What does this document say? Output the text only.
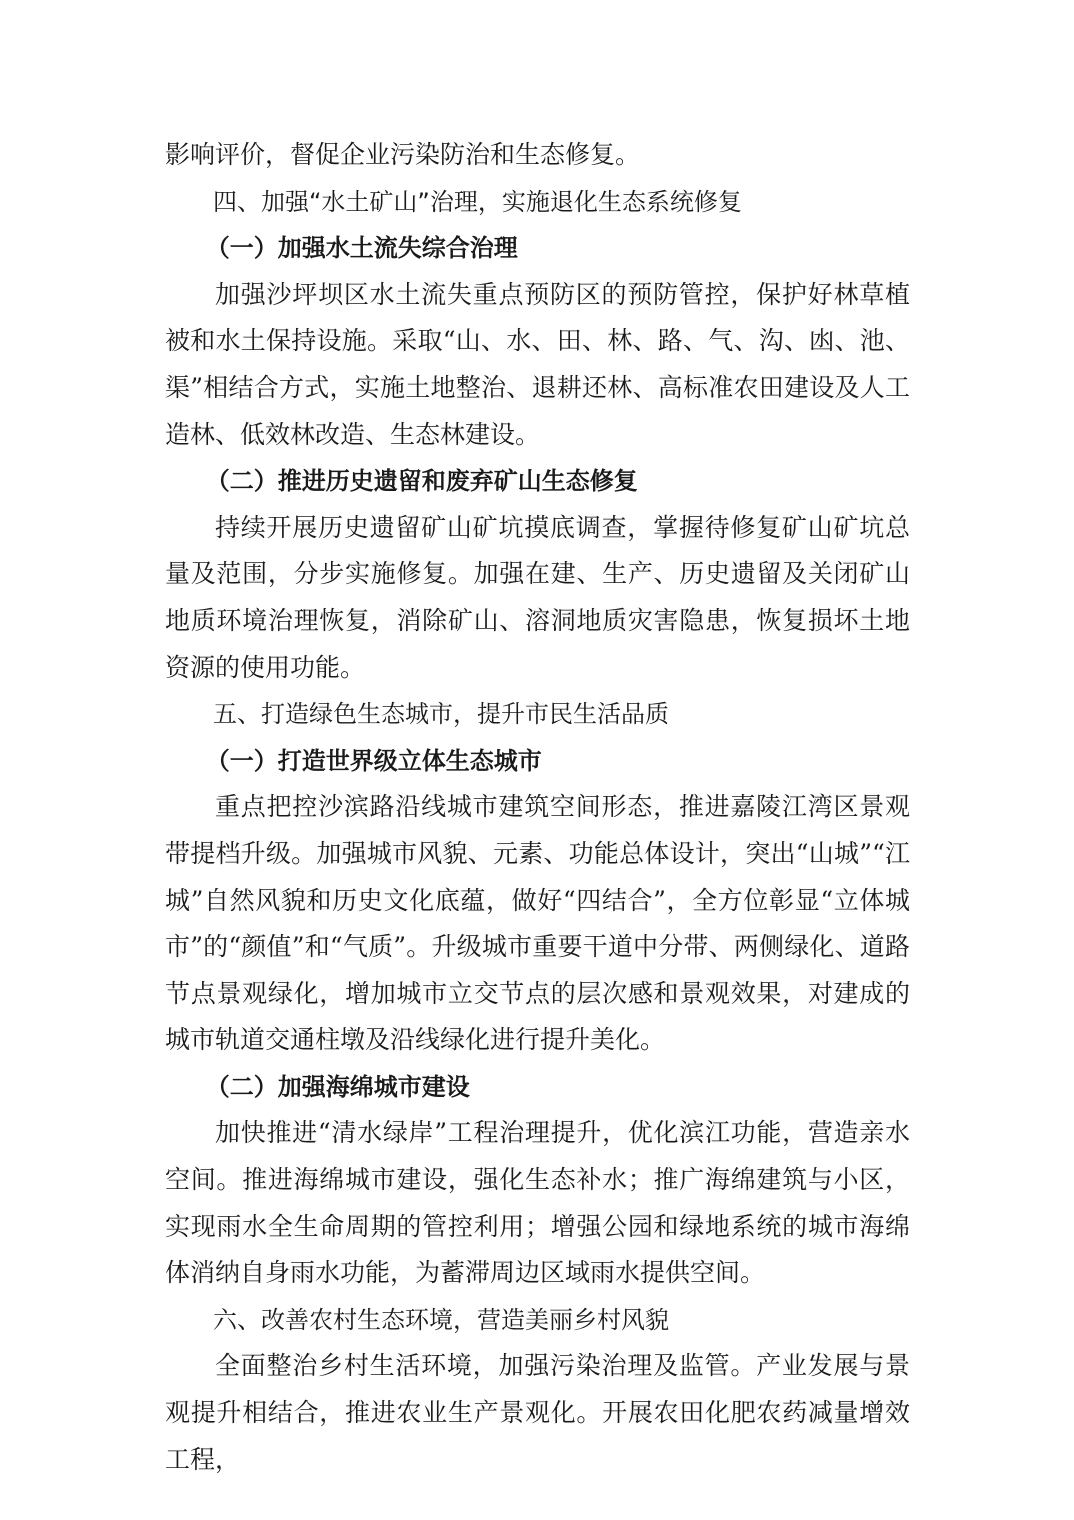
影响评价，督促企业污染防治和生态修复。

四、加强“水土矿山”治理，实施退化生态系统修复

（一）加强水土流失综合治理

加强沙坪坝区水土流失重点预防区的预防管控，保护好林草植被和水土保持设施。采取“山、水、田、林、路、气、沟、凼、池、渠”相结合方式，实施土地整治、退耕还林、高标准农田建设及人工造林、低效林改造、生态林建设。

（二）推进历史遗留和废弃矿山生态修复

持续开展历史遗留矿山矿坑摸底调查，掌握待修复矿山矿坑总量及范围，分步实施修复。加强在建、生产、历史遗留及关闭矿山地质环境治理恢复，消除矿山、溶洞地质灾害隐患，恢复损坏土地资源的使用功能。

五、打造绿色生态城市，提升市民生活品质

（一）打造世界级立体生态城市

重点把控沙滨路沿线城市建筑空间形态，推进嘉陵江湾区景观带提档升级。加强城市风貌、元素、功能总体设计，突出“山城”“江城”自然风貌和历史文化底蕴，做好“四结合”，全方位彰显“立体城市”的“颜值”和“气质”。升级城市重要干道中分带、两侧绿化、道路节点景观绿化，增加城市立交节点的层次感和景观效果，对建成的城市轨道交通柱墩及沿线绿化进行提升美化。

（二）加强海绵城市建设

加快推进“清水绿岸”工程治理提升，优化滨江功能，营造亲水空间。推进海绵城市建设，强化生态补水；推广海绵建筑与小区，实现雨水全生命周期的管控利用；增强公园和绿地系统的城市海绵体消纳自身雨水功能，为蓄滞周边区域雨水提供空间。

六、改善农村生态环境，营造美丽乡村风貌

全面整治乡村生活环境，加强污染治理及监管。产业发展与景观提升相结合，推进农业生产景观化。开展农田化肥农药减量增效工程，
